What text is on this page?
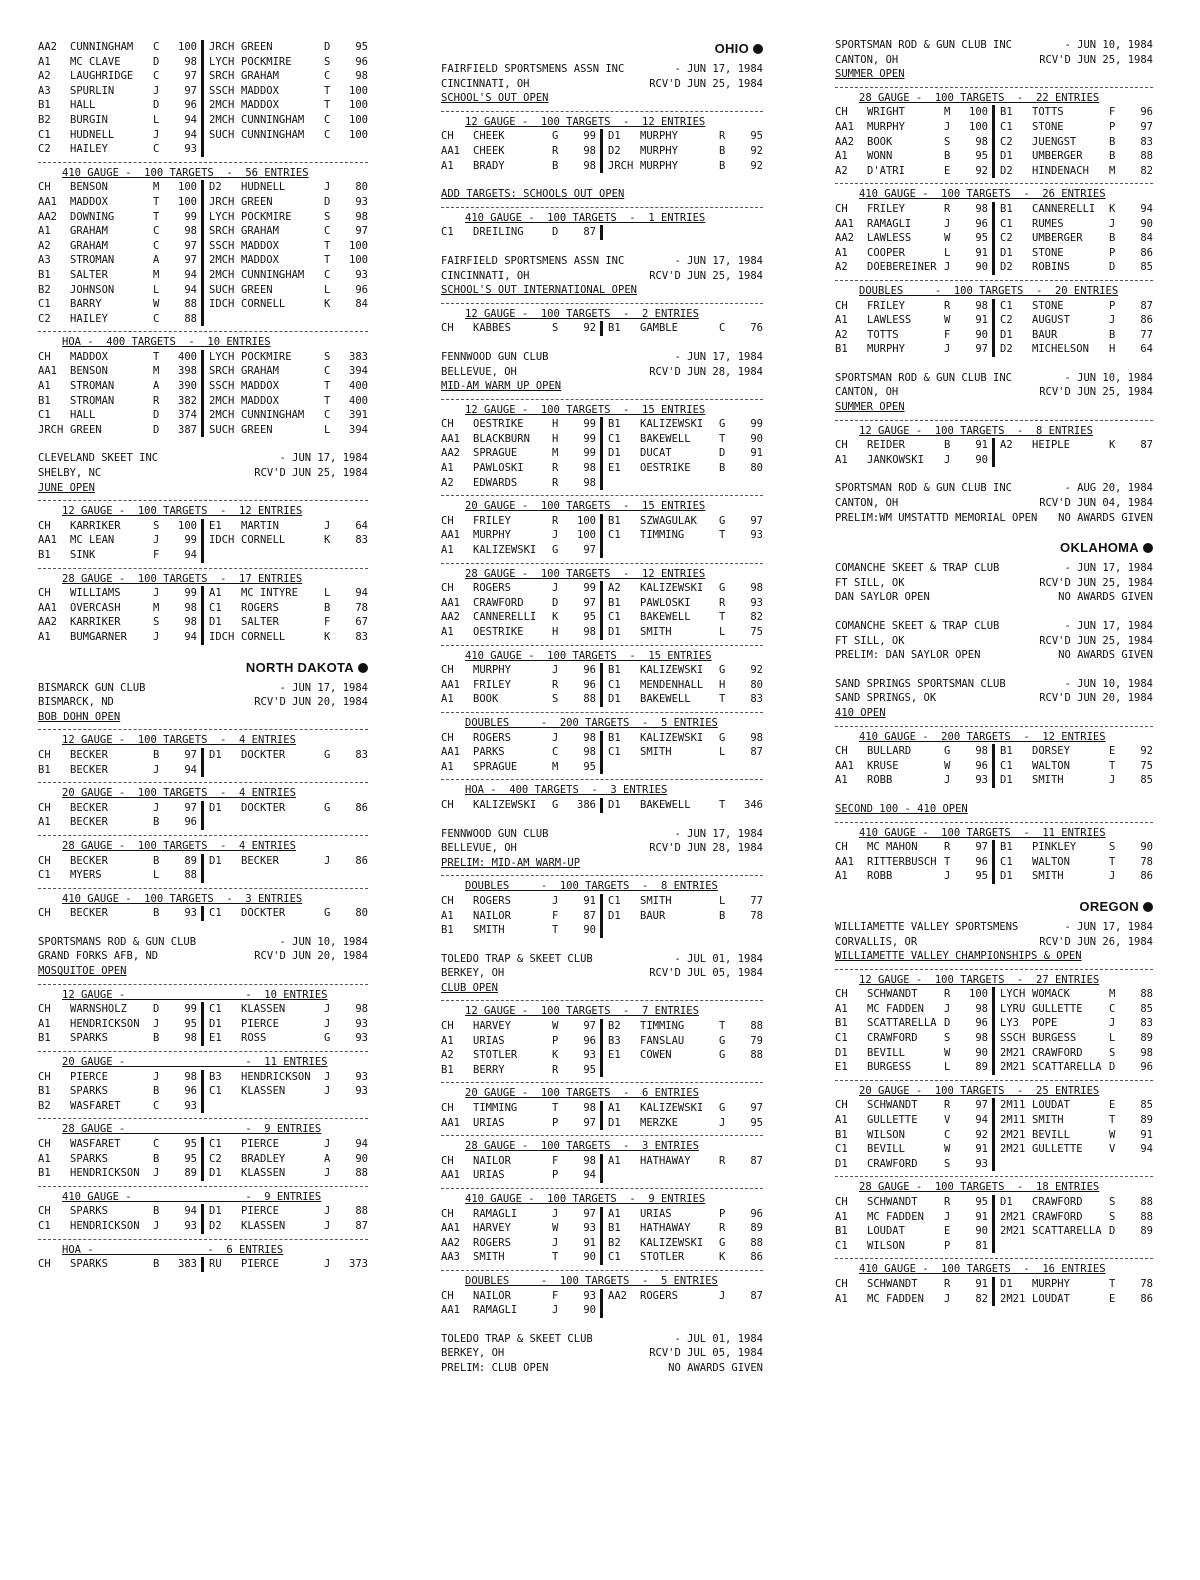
AA2	CUNNINGHAM	C	100 JRCH GREEN	D	95
A1	MC CLAVE	D	98 LYCH POCKMIRE	S	96
A2	LAUGHRIDGE	C	97 SRCH GRAHAM	C	98
A3	SPURLIN	J	97 SSCH MADDOX	T	100
B1	HALL	D	96 2MCH MADDOX	T	100
B2	BURGIN	L	94 2MCH CUNNINGHAM	C	100
C1	HUDNELL	J	94 SUCH CUNNINGHAM	C	100
C2	HAILEY	C	93
410 GAUGE -  100 TARGETS  -  56 ENTRIES
CH	BENSON	M	100 D2	HUDNELL	J	80
AA1	MADDOX	T	100 JRCH GREEN	D	93
AA2	DOWNING	T	99 LYCH POCKMIRE	S	98
A1	GRAHAM	C	98 SRCH GRAHAM	C	97
A2	GRAHAM	C	97 SSCH MADDOX	T	100
A3	STROMAN	A	97 2MCH MADDOX	T	100
B1	SALTER	M	94 2MCH CUNNINGHAM	C	93
B2	JOHNSON	L	94 SUCH GREEN	L	96
C1	BARRY	W	88 IDCH CORNELL	K	84
C2	HAILEY	C	88
HOA -  400 TARGETS  -  10 ENTRIES
CH	MADDOX	T	400 LYCH POCKMIRE	S	383
AA1	BENSON	M	398 SRCH GRAHAM	C	394
A1	STROMAN	A	390 SSCH MADDOX	T	400
B1	STROMAN	R	382 2MCH MADDOX	T	400
C1	HALL	D	374 2MCH CUNNINGHAM	C	391
JRCH GREEN	D	387 SUCH GREEN	L	394
CLEVELAND SKEET INC	- JUN 17, 1984
SHELBY, NC	RCV'D JUN 25, 1984
JUNE OPEN
12 GAUGE -  100 TARGETS  -  12 ENTRIES
CH	KARRIKER	S	100 E1	MARTIN	J	64
AA1	MC LEAN	J	99 IDCH CORNELL	K	83
B1	SINK	F	94
28 GAUGE -  100 TARGETS  -  17 ENTRIES
CH	WILLIAMS	J	99 A1	MC INTYRE	L	94
AA1	OVERCASH	M	98 C1	ROGERS	B	78
AA2	KARRIKER	S	98 D1	SALTER	F	67
A1	BUMGARNER	J	94 IDCH CORNELL	K	83
NORTH DAKOTA
BISMARCK GUN CLUB	- JUN 17, 1984
BISMARCK, ND	RCV'D JUN 20, 1984
BOB DOHN OPEN
12 GAUGE -  100 TARGETS  -  4 ENTRIES
CH	BECKER	B	97 D1	DOCKTER	G	83
B1	BECKER	J	94
20 GAUGE -  100 TARGETS  -  4 ENTRIES
CH	BECKER	J	97 D1	DOCKTER	G	86
A1	BECKER	B	96
28 GAUGE -  100 TARGETS  -  4 ENTRIES
CH	BECKER	B	89 D1	BECKER	J	86
C1	MYERS	L	88
410 GAUGE -  100 TARGETS  -  3 ENTRIES
CH	BECKER	B	93 C1	DOCKTER	G	80
SPORTSMANS ROD & GUN CLUB	- JUN 10, 1984
GRAND FORKS AFB, ND	RCV'D JUN 20, 1984
MOSQUITOE OPEN
12 GAUGE -                   -  10 ENTRIES
CH	WARNSHOLZ	D	99 C1	KLASSEN	J	98
A1	HENDRICKSON	J	95 D1	PIERCE	J	93
B1	SPARKS	B	98 E1	ROSS	G	93
20 GAUGE -                   -  11 ENTRIES
CH	PIERCE	J	98 B3	HENDRICKSON	J	93
B1	SPARKS	B	96 C1	KLASSEN	J	93
B2	WASFARET	C	93
28 GAUGE -                   -  9 ENTRIES
CH	WASFARET	C	95 C1	PIERCE	J	94
A1	SPARKS	B	95 C2	BRADLEY	A	90
B1	HENDRICKSON	J	89 D1	KLASSEN	J	88
410 GAUGE -                  -  9 ENTRIES
CH	SPARKS	B	94 D1	PIERCE	J	88
C1	HENDRICKSON	J	93 D2	KLASSEN	J	87
HOA -                  -  6 ENTRIES
CH	SPARKS	B	383 RU	PIERCE	J	373
OHIO
FAIRFIELD SPORTSMENS ASSN INC	- JUN 17, 1984
CINCINNATI, OH	RCV'D JUN 25, 1984
SCHOOL'S OUT OPEN
12 GAUGE -  100 TARGETS  -  12 ENTRIES
CH	CHEEK	G	99 D1	MURPHY	R	95
AA1	CHEEK	R	98 D2	MURPHY	B	92
A1	BRADY	B	98 JRCH MURPHY	B	92
ADD TARGETS: SCHOOLS OUT OPEN
410 GAUGE -  100 TARGETS  -  1 ENTRIES
C1	DREILING	D	87
FAIRFIELD SPORTSMENS ASSN INC	- JUN 17, 1984
CINCINNATI, OH	RCV'D JUN 25, 1984
SCHOOL'S OUT INTERNATIONAL OPEN
12 GAUGE -  100 TARGETS  -  2 ENTRIES
CH	KABBES	S	92 B1	GAMBLE	C	76
FENNWOOD GUN CLUB	- JUN 17, 1984
BELLEVUE, OH	RCV'D JUN 28, 1984
MID-AM WARM UP OPEN
12 GAUGE -  100 TARGETS  -  15 ENTRIES
CH	OESTRIKE	H	99 B1	KALIZEWSKI	G	99
AA1	BLACKBURN	H	99 C1	BAKEWELL	T	90
AA2	SPRAGUE	M	99 D1	DUCAT	D	91
A1	PAWLOSKI	R	98 E1	OESTRIKE	B	80
A2	EDWARDS	R	98
20 GAUGE -  100 TARGETS  -  15 ENTRIES
CH	FRILEY	R	100 B1	SZWAGULAK	G	97
AA1	MURPHY	J	100 C1	TIMMING	T	93
A1	KALIZEWSKI	G	97
28 GAUGE -  100 TARGETS  -  12 ENTRIES
CH	ROGERS	J	99 A2	KALIZEWSKI	G	98
AA1	CRAWFORD	D	97 B1	PAWLOSKI	R	93
AA2	CANNERELLI	K	95 C1	BAKEWELL	T	82
A1	OESTRIKE	H	98 D1	SMITH	L	75
410 GAUGE -  100 TARGETS  -  15 ENTRIES
CH	MURPHY	J	96 B1	KALIZEWSKI	G	92
AA1	FRILEY	R	96 C1	MENDENHALL	H	80
A1	BOOK	S	88 D1	BAKEWELL	T	83
DOUBLES     -  200 TARGETS  -  5 ENTRIES
CH	ROGERS	J	98 B1	KALIZEWSKI	G	98
AA1	PARKS	C	98 C1	SMITH	L	87
A1	SPRAGUE	M	95
HOA -  400 TARGETS  -  3 ENTRIES
CH	KALIZEWSKI	G	386 D1	BAKEWELL	T	346
FENNWOOD GUN CLUB	- JUN 17, 1984
BELLEVUE, OH	RCV'D JUN 28, 1984
PRELIM: MID-AM WARM-UP
DOUBLES     -  100 TARGETS  -  8 ENTRIES
CH	ROGERS	J	91 C1	SMITH	L	77
A1	NAILOR	F	87 D1	BAUR	B	78
B1	SMITH	T	90
TOLEDO TRAP & SKEET CLUB	- JUL 01, 1984
BERKEY, OH	RCV'D JUL 05, 1984
CLUB OPEN
12 GAUGE -  100 TARGETS  -  7 ENTRIES
CH	HARVEY	W	97 B2	TIMMING	T	88
A1	URIAS	P	96 B3	FANSLAU	G	79
A2	STOTLER	K	93 E1	COWEN	G	88
B1	BERRY	R	95
20 GAUGE -  100 TARGETS  -  6 ENTRIES
CH	TIMMING	T	98 A1	KALIZEWSKI	G	97
AA1	URIAS	P	97 D1	MERZKE	J	95
28 GAUGE -  100 TARGETS  -  3 ENTRIES
CH	NAILOR	F	98 A1	HATHAWAY	R	87
AA1	URIAS	P	94
410 GAUGE -  100 TARGETS  -  9 ENTRIES
CH	RAMAGLI	J	97 A1	URIAS	P	96
AA1	HARVEY	W	93 B1	HATHAWAY	R	89
AA2	ROGERS	J	91 B2	KALIZEWSKI	G	88
AA3	SMITH	T	90 C1	STOTLER	K	86
DOUBLES     -  100 TARGETS  -  5 ENTRIES
CH	NAILOR	F	93 AA2	ROGERS	J	87
AA1	RAMAGLI	J	90
TOLEDO TRAP & SKEET CLUB	- JUL 01, 1984
BERKEY, OH	RCV'D JUL 05, 1984
PRELIM: CLUB OPEN	NO AWARDS GIVEN
SPORTSMAN ROD & GUN CLUB INC	- JUN 10, 1984
CANTON, OH	RCV'D JUN 25, 1984
SUMMER OPEN
28 GAUGE -  100 TARGETS  -  22 ENTRIES
CH	WRIGHT	M	100 B1	TOTTS	F	96
AA1	MURPHY	J	100 C1	STONE	P	97
AA2	BOOK	S	98 C2	JUENGST	B	83
A1	WONN	B	95 D1	UMBERGER	B	88
A2	D'ATRI	E	92 D2	HINDENACH	M	82
410 GAUGE -  100 TARGETS  -  26 ENTRIES
CH	FRILEY	R	98 B1	CANNERELLI	K	94
AA1	RAMAGLI	J	96 C1	RUMES	J	90
AA2	LAWLESS	W	95 C2	UMBERGER	B	84
A1	COOPER	L	91 D1	STONE	P	86
A2	DOEBEREINER J	90 D2	ROBINS	D	85
DOUBLES     -  100 TARGETS  -  20 ENTRIES
CH	FRILEY	R	98 C1	STONE	P	87
A1	LAWLESS	W	91 C2	AUGUST	J	86
A2	TOTTS	F	90 D1	BAUR	B	77
B1	MURPHY	J	97 D2	MICHELSON	H	64
SPORTSMAN ROD & GUN CLUB INC	- JUN 10, 1984
CANTON, OH	RCV'D JUN 25, 1984
SUMMER OPEN
12 GAUGE -  100 TARGETS  -  8 ENTRIES
CH	REIDER	B	91 A2	HEIPLE	K	87
A1	JANKOWSKI	J	90
SPORTSMAN ROD & GUN CLUB INC	- AUG 20, 1984
CANTON, OH	RCV'D JUN 04, 1984
PRELIM:WM UMSTATTD MEMORIAL OPEN NO AWARDS GIVEN
OKLAHOMA
COMANCHE SKEET & TRAP CLUB	- JUN 17, 1984
FT SILL, OK	RCV'D JUN 25, 1984
DAN SAYLOR OPEN	NO AWARDS GIVEN
COMANCHE SKEET & TRAP CLUB	- JUN 17, 1984
FT SILL, OK	RCV'D JUN 25, 1984
PRELIM: DAN SAYLOR OPEN	NO AWARDS GIVEN
SAND SPRINGS SPORTSMAN CLUB	- JUN 10, 1984
SAND SPRINGS, OK	RCV'D JUN 20, 1984
410 OPEN
410 GAUGE -  200 TARGETS  -  12 ENTRIES
CH	BULLARD	G	98 B1	DORSEY	E	92
AA1	KRUSE	W	96 C1	WALTON	T	75
A1	ROBB	J	93 D1	SMITH	J	85
SECOND 100 - 410 OPEN
410 GAUGE -  100 TARGETS  -  11 ENTRIES
CH	MC MAHON	R	97 B1	PINKLEY	S	90
AA1	RITTERBUSCH T	96 C1	WALTON	T	78
A1	ROBB	J	95 D1	SMITH	J	86
OREGON
WILLIAMETTE VALLEY SPORTSMENS	- JUN 17, 1984
CORVALLIS, OR	RCV'D JUN 26, 1984
WILLIAMETTE VALLEY CHAMPIONSHIPS & OPEN
12 GAUGE -  100 TARGETS  -  27 ENTRIES
CH	SCHWANDT	R	100 LYCH WOMACK	M	88
A1	MC FADDEN	J	98 LYRU GULLETTE	C	85
B1	SCATTARELLA D	96 LY3	POPE	J	83
C1	CRAWFORD	S	98 SSCH BURGESS	L	89
D1	BEVILL	W	90 2M21 CRAWFORD	S	98
E1	BURGESS	L	89 2M21 SCATTARELLA D	96
20 GAUGE -  100 TARGETS  -  25 ENTRIES
CH	SCHWANDT	R	97 2M11 LOUDAT	E	85
A1	GULLETTE	V	94 2M11 SMITH	T	89
B1	WILSON	C	92 2M21 BEVILL	W	91
C1	BEVILL	W	91 2M21 GULLETTE	V	94
D1	CRAWFORD	S	93
28 GAUGE -  100 TARGETS  -  18 ENTRIES
CH	SCHWANDT	R	95 D1	CRAWFORD	S	88
A1	MC FADDEN	J	91 2M21 CRAWFORD	S	88
B1	LOUDAT	E	90 2M21 SCATTARELLA D	89
C1	WILSON	P	81
410 GAUGE -  100 TARGETS  -  16 ENTRIES
CH	SCHWANDT	R	91 D1	MURPHY	T	78
A1	MC FADDEN	J	82 2M21 LOUDAT	E	86
